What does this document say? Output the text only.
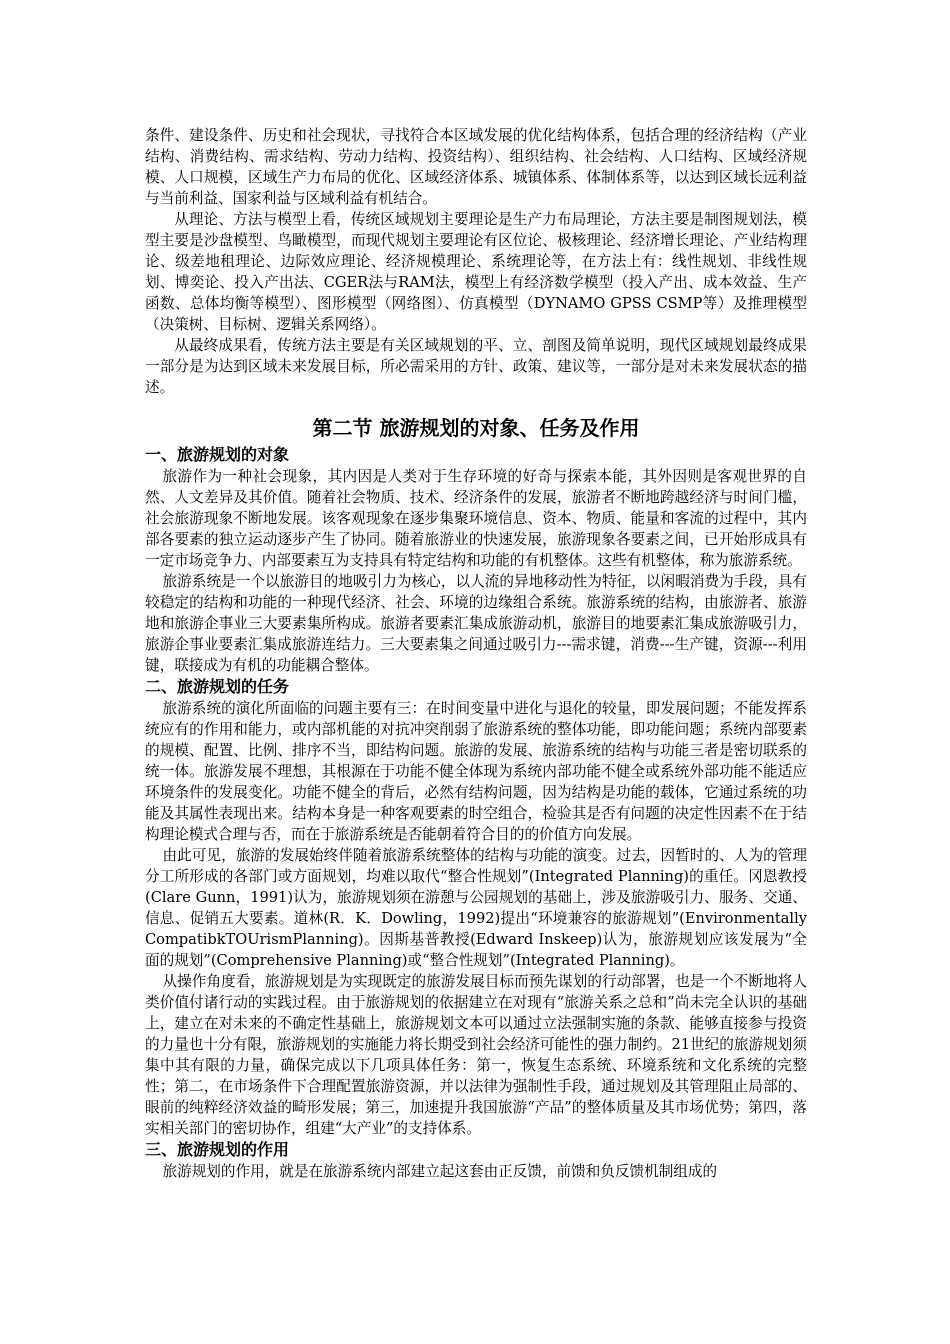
条件、建设条件、历史和社会现状，寻找符合本区域发展的优化结构体系，包括合理的经济结构（产业结构、消费结构、需求结构、劳动力结构、投资结构）、组织结构、社会结构、人口结构、区域经济规模、人口规模，区域生产力布局的优化、区域经济体系、城镇体系、体制体系等，以达到区域长远利益与当前利益、国家利益与区域利益有机结合。

从理论、方法与模型上看，传统区域规划主要理论是生产力布局理论，方法主要是制图规划法，模型主要是沙盘模型、鸟瞰模型，而现代规划主要理论有区位论、极核理论、经济增长理论、产业结构理论、级差地租理论、边际效应理论、经济规模理论、系统理论等，在方法上有：线性规划、非线性规划、博奕论、投入产出法、CGER法与RAM法，模型上有经济数学模型（投入产出、成本效益、生产函数、总体均衡等模型）、图形模型（网络图）、仿真模型（DYNAMO GPSS CSMP等）及推理模型（决策树、目标树、逻辑关系网络）。

从最终成果看，传统方法主要是有关区域规划的平、立、剖图及简单说明，现代区域规划最终成果一部分是为达到区域未来发展目标，所必需采用的方针、政策、建议等，一部分是对未来发展状态的描述。

第二节 旅游规划的对象、任务及作用
一、旅游规划的对象

旅游作为一种社会现象，其内因是人类对于生存环境的好奇与探索本能，其外因则是客观世界的自然、人文差异及其价值。随着社会物质、技术、经济条件的发展，旅游者不断地跨越经济与时间门槛，社会旅游现象不断地发展。该客观现象在逐步集聚环境信息、资本、物质、能量和客流的过程中，其内部各要素的独立运动逐步产生了协同。随着旅游业的快速发展，旅游现象各要素之间，已开始形成具有一定市场竞争力、内部要素互为支持具有特定结构和功能的有机整体。这些有机整体，称为旅游系统。

旅游系统是一个以旅游目的地吸引力为核心，以人流的异地移动性为特征，以闲暇消费为手段，具有较稳定的结构和功能的一种现代经济、社会、环境的边缘组合系统。旅游系统的结构，由旅游者、旅游地和旅游企事业三大要素集所构成。旅游者要素汇集成旅游动机，旅游目的地要素汇集成旅游吸引力，旅游企事业要素汇集成旅游连结力。三大要素集之间通过吸引力---需求键，消费---生产键，资源---利用键，联接成为有机的功能耦合整体。

二、旅游规划的任务

旅游系统的演化所面临的问题主要有三：在时间变量中进化与退化的较量，即发展问题；不能发挥系统应有的作用和能力，或内部机能的对抗冲突削弱了旅游系统的整体功能，即功能问题；系统内部要素的规模、配置、比例、排序不当，即结构问题。旅游的发展、旅游系统的结构与功能三者是密切联系的统一体。旅游发展不理想，其根源在于功能不健全体现为系统内部功能不健全或系统外部功能不能适应环境条件的发展变化。功能不健全的背后，必然有结构问题，因为结构是功能的载体，它通过系统的功能及其属性表现出来。结构本身是一种客观要素的时空组合，检验其是否有问题的决定性因素不在于结构理论模式合理与否，而在于旅游系统是否能朝着符合目的的价值方向发展。

由此可见，旅游的发展始终伴随着旅游系统整体的结构与功能的演变。过去，因暂时的、人为的管理分工所形成的各部门或方面规划，均难以取代“整合性规划”(Integrated Planning)的重任。冈恩教授(Clare Gunn，1991)认为，旅游规划须在游憩与公园规划的基础上，涉及旅游吸引力、服务、交通、信息、促销五大要素。道林(R．K．Dowling，1992)提出“环境兼容的旅游规划”(EnvironmentallyCompatibkTOUrismPlanning)。因斯基普教授(Edward Inskeep)认为，旅游规划应该发展为“全面的规划”(Comprehensive Planning)或“整合性规划”(Integrated Planning)。

从操作角度看，旅游规划是为实现既定的旅游发展目标而预先谋划的行动部署，也是一个不断地将人类价值付诸行动的实践过程。由于旅游规划的依据建立在对现有“旅游关系之总和”尚未完全认识的基础上，建立在对未来的不确定性基础上，旅游规划文本可以通过立法强制实施的条款、能够直接参与投资的力量也十分有限，旅游规划的实施能力将长期受到社会经济可能性的强力制约。21世纪的旅游规划须集中其有限的力量，确保完成以下几项具体任务：第一，恢复生态系统、环境系统和文化系统的完整性；第二，在市场条件下合理配置旅游资源，并以法律为强制性手段，通过规划及其管理阻止局部的、眼前的纯粹经济效益的畸形发展；第三，加速提升我国旅游“产品”的整体质量及其市场优势；第四，落实相关部门的密切协作，组建“大产业”的支持体系。

三、旅游规划的作用

旅游规划的作用，就是在旅游系统内部建立起这套由正反馈，前馈和负反馈机制组成的
